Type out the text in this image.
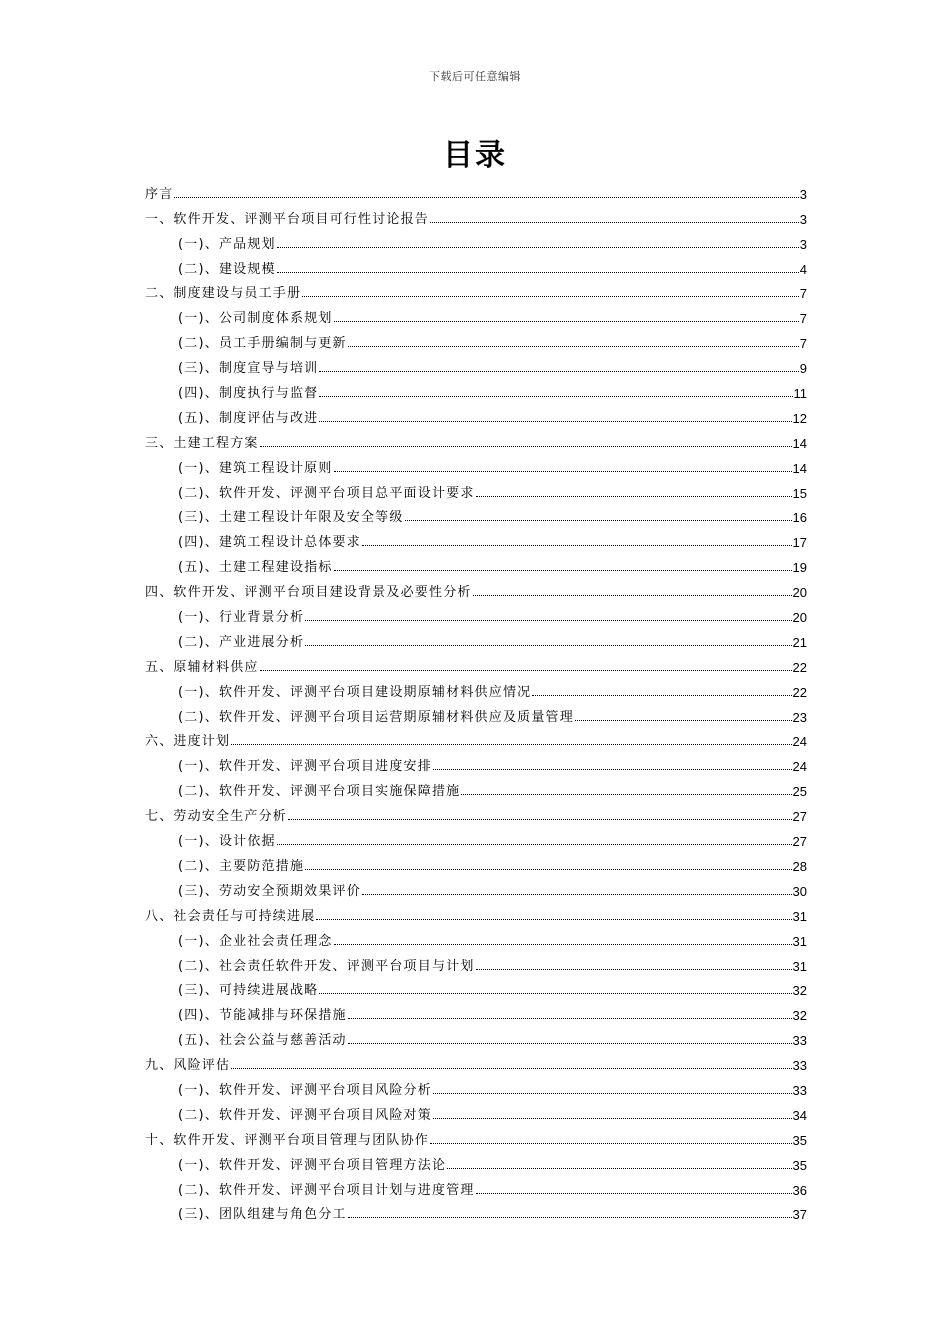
下载后可任意编辑
目录
序言	3
一、软件开发、评测平台项目可行性讨论报告	3
(一)、产品规划	3
(二)、建设规模	4
二、制度建设与员工手册	7
(一)、公司制度体系规划	7
(二)、员工手册编制与更新	7
(三)、制度宣导与培训	9
(四)、制度执行与监督	11
(五)、制度评估与改进	12
三、土建工程方案	14
(一)、建筑工程设计原则	14
(二)、软件开发、评测平台项目总平面设计要求	15
(三)、土建工程设计年限及安全等级	16
(四)、建筑工程设计总体要求	17
(五)、土建工程建设指标	19
四、软件开发、评测平台项目建设背景及必要性分析	20
(一)、行业背景分析	20
(二)、产业进展分析	21
五、原辅材料供应	22
(一)、软件开发、评测平台项目建设期原辅材料供应情况	22
(二)、软件开发、评测平台项目运营期原辅材料供应及质量管理	23
六、进度计划	24
(一)、软件开发、评测平台项目进度安排	24
(二)、软件开发、评测平台项目实施保障措施	25
七、劳动安全生产分析	27
(一)、设计依据	27
(二)、主要防范措施	28
(三)、劳动安全预期效果评价	30
八、社会责任与可持续进展	31
(一)、企业社会责任理念	31
(二)、社会责任软件开发、评测平台项目与计划	31
(三)、可持续进展战略	32
(四)、节能减排与环保措施	32
(五)、社会公益与慈善活动	33
九、风险评估	33
(一)、软件开发、评测平台项目风险分析	33
(二)、软件开发、评测平台项目风险对策	34
十、软件开发、评测平台项目管理与团队协作	35
(一)、软件开发、评测平台项目管理方法论	35
(二)、软件开发、评测平台项目计划与进度管理	36
(三)、团队组建与角色分工	37
